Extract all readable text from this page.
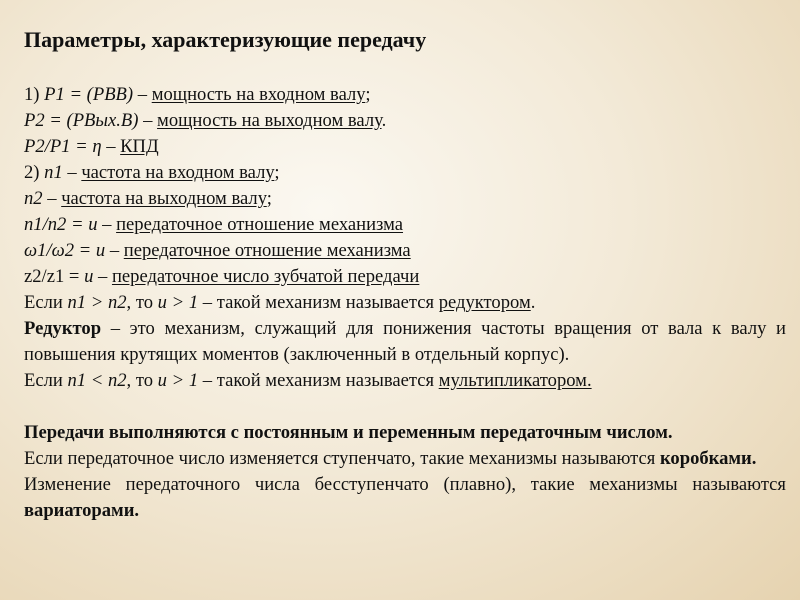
Параметры, характеризующие передачу
1) P1 = (PВВ) – мощность на входном валу;
P2 = (PВых.В) – мощность на выходном валу.
P2/P1 = η – КПД
2) n1 – частота на входном валу;
n2 – частота на выходном валу;
n1/n2 = u – передаточное отношение механизма
ω1/ω2 = u – передаточное отношение механизма
z2/z1 = u – передаточное число зубчатой передачи
Если n1 > n2, то u > 1 – такой механизм называется редуктором.
Редуктор – это механизм, служащий для понижения частоты вращения от вала к валу и повышения крутящих моментов (заключенный в отдельный корпус).
Если n1 < n2, то u > 1 – такой механизм называется мультипликатором.
Передачи выполняются с постоянным и переменным передаточным числом.
Если передаточное число изменяется ступенчато, такие механизмы называются коробками.
Изменение передаточного числа бесступенчато (плавно), такие механизмы называются вариаторами.
